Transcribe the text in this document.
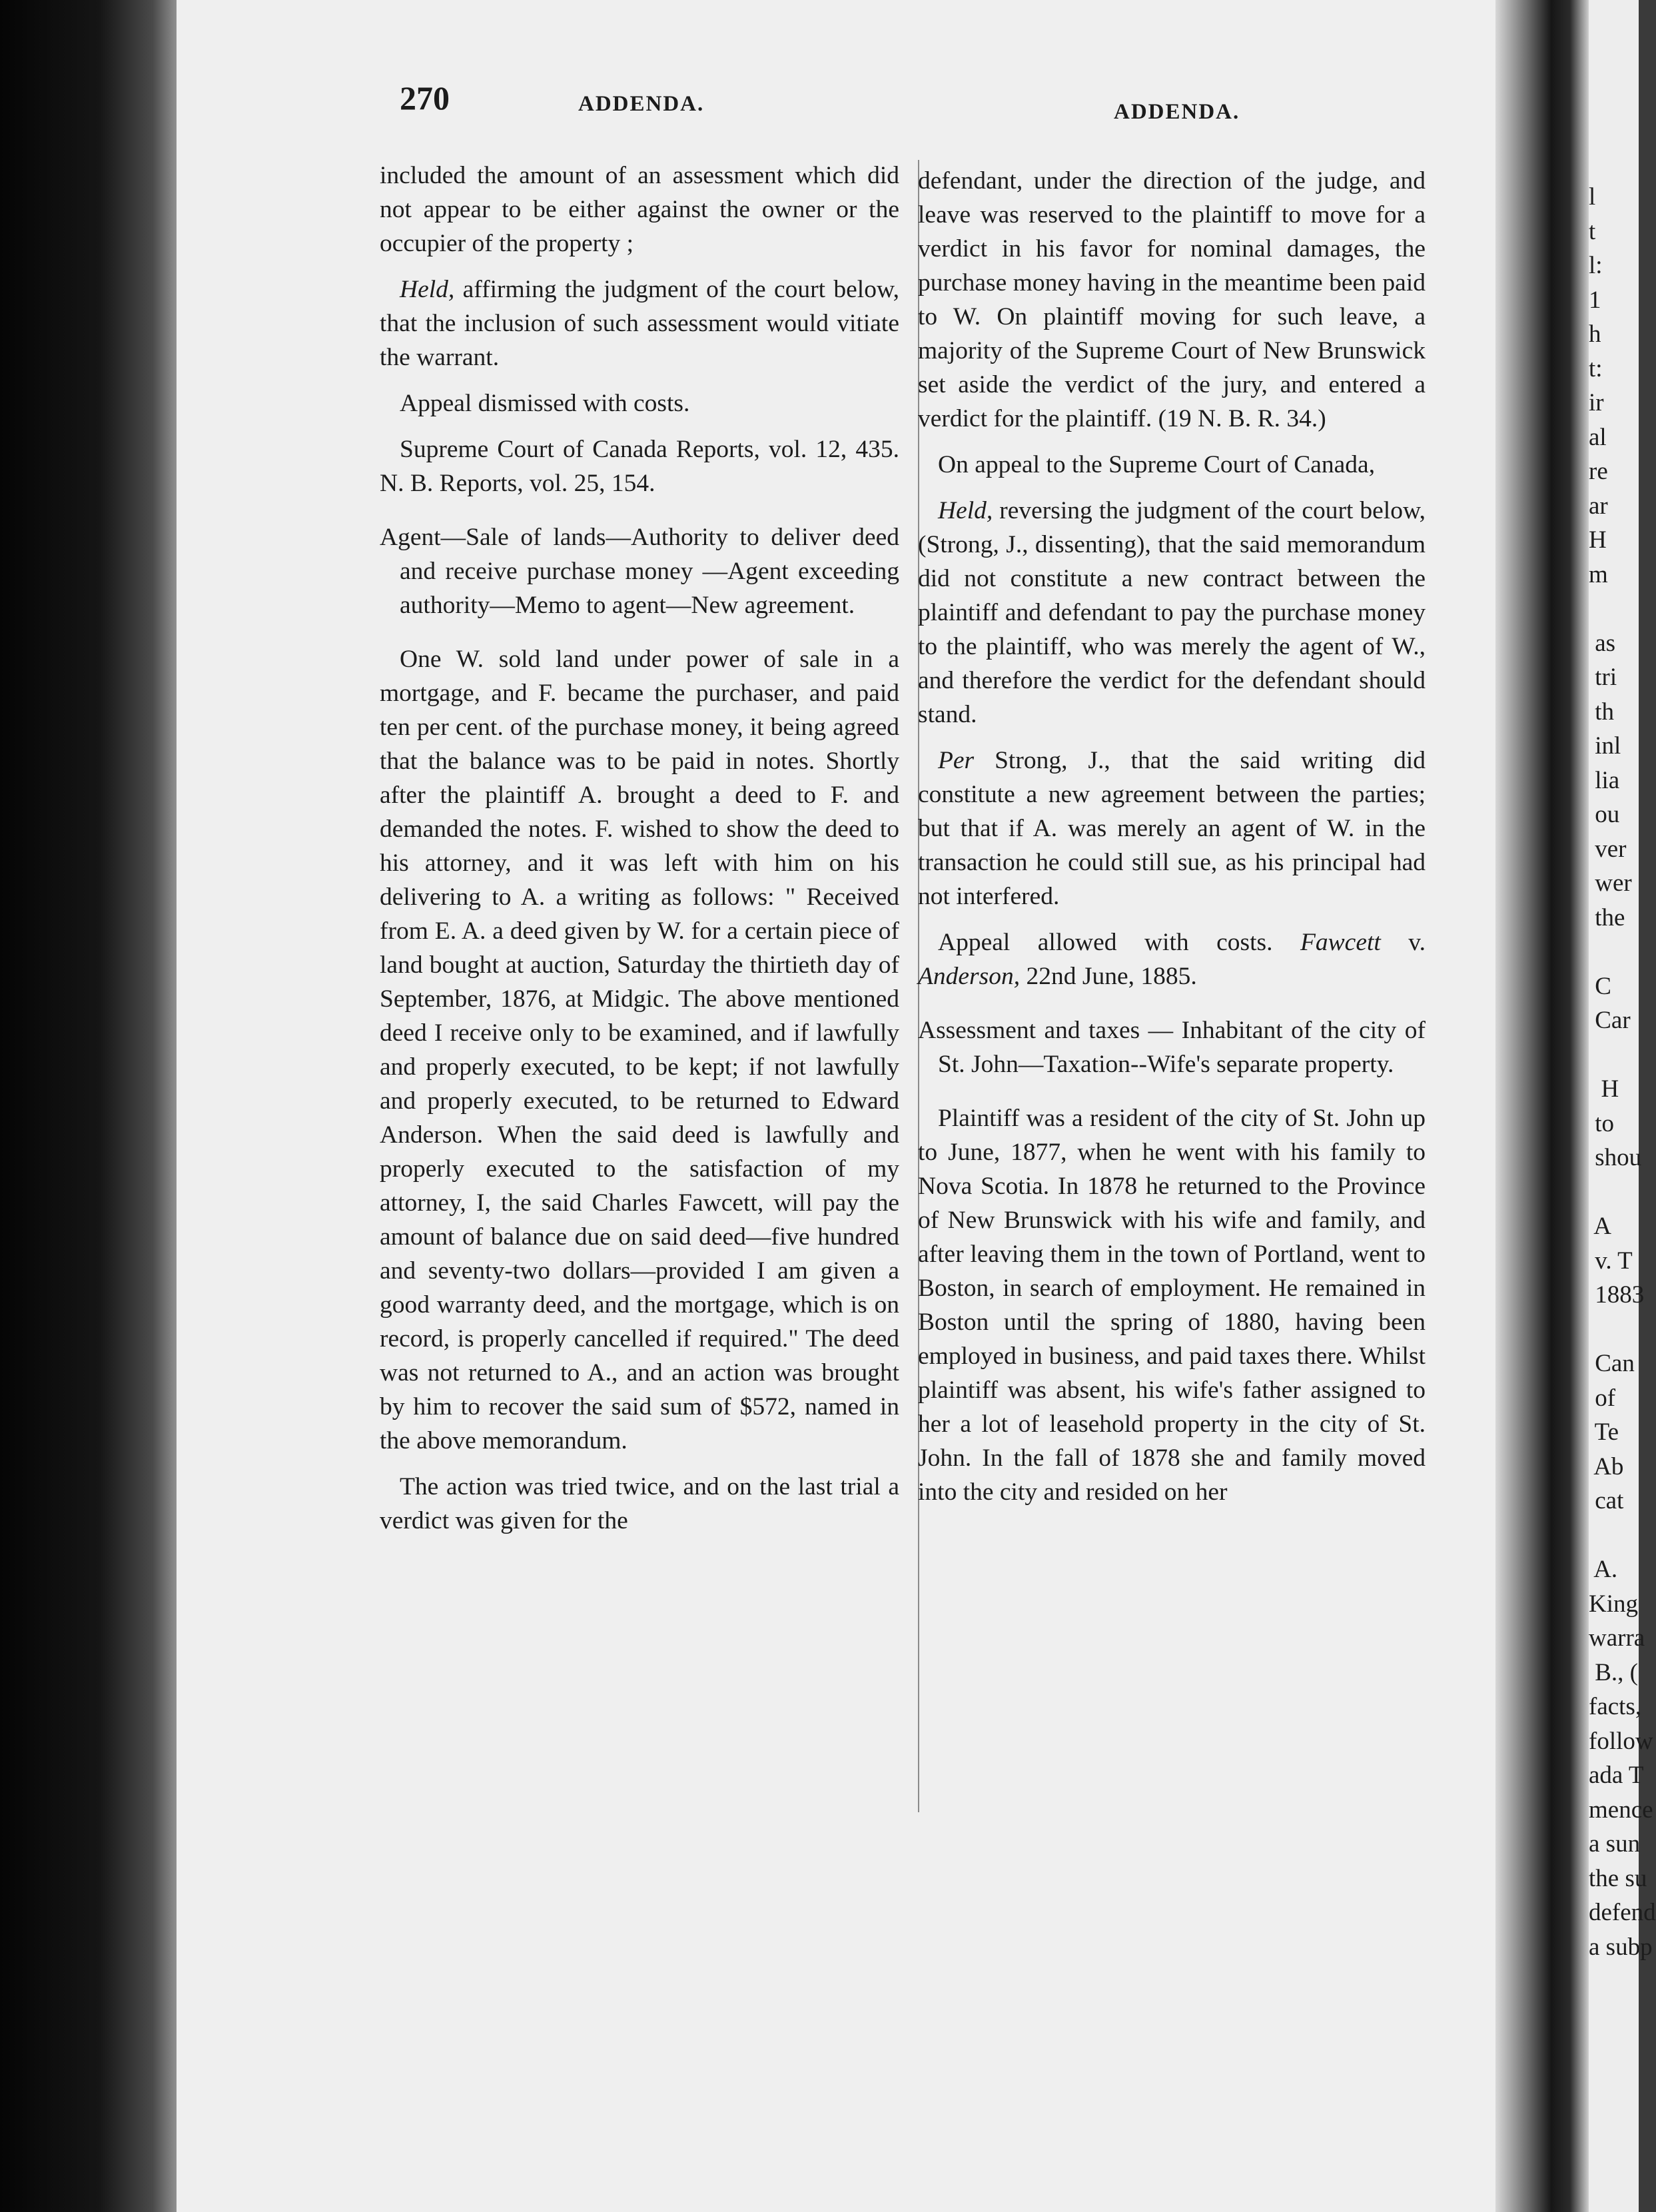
270	ADDENDA.	ADDENDA.

included the amount of an assessment which did not appear to be either against the owner or the occupier of the property ;

Held, affirming the judgment of the court below, that the inclusion of such assessment would vitiate the warrant.

Appeal dismissed with costs.

Supreme Court of Canada Reports, vol. 12, 435. N. B. Reports, vol. 25, 154.

Agent—Sale of lands—Authority to deliver deed and receive purchase money —Agent exceeding authority—Memo to agent—New agreement.

One W. sold land under power of sale in a mortgage, and F. became the purchaser, and paid ten per cent. of the purchase money, it being agreed that the balance was to be paid in notes. Shortly after the plaintiff A. brought a deed to F. and demanded the notes. F. wished to show the deed to his attorney, and it was left with him on his delivering to A. a writing as follows: " Received from E. A. a deed given by W. for a certain piece of land bought at auction, Saturday the thirtieth day of September, 1876, at Midgic. The above mentioned deed I receive only to be examined, and if lawfully and properly executed, to be kept; if not lawfully and properly executed, to be returned to Edward Anderson. When the said deed is lawfully and properly executed to the satisfaction of my attorney, I, the said Charles Fawcett, will pay the amount of balance due on said deed—five hundred and seventy-two dollars—provided I am given a good warranty deed, and the mortgage, which is on record, is properly cancelled if required." The deed was not returned to A., and an action was brought by him to recover the said sum of $572, named in the above memorandum.

The action was tried twice, and on the last trial a verdict was given for the

defendant, under the direction of the judge, and leave was reserved to the plaintiff to move for a verdict in his favor for nominal damages, the purchase money having in the meantime been paid to W. On plaintiff moving for such leave, a majority of the Supreme Court of New Brunswick set aside the verdict of the jury, and entered a verdict for the plaintiff. (19 N. B. R. 34.)

On appeal to the Supreme Court of Canada,

Held, reversing the judgment of the court below, (Strong, J., dissenting), that the said memorandum did not constitute a new contract between the plaintiff and defendant to pay the purchase money to the plaintiff, who was merely the agent of W., and therefore the verdict for the defendant should stand.

Per Strong, J., that the said writing did constitute a new agreement between the parties; but that if A. was merely an agent of W. in the transaction he could still sue, as his principal had not interfered.

Appeal allowed with costs. Fawcett v. Anderson, 22nd June, 1885.

Assessment and taxes — Inhabitant of the city of St. John—Taxation--Wife's separate property.

Plaintiff was a resident of the city of St. John up to June, 1877, when he went with his family to Nova Scotia. In 1878 he returned to the Province of New Brunswick with his wife and family, and after leaving them in the town of Portland, went to Boston, in search of employment. He remained in Boston until the spring of 1880, having been employed in business, and paid taxes there. Whilst plaintiff was absent, his wife's father assigned to her a lot of leasehold property in the city of St. John. In the fall of 1878 she and family moved into the city and resided on her

l
t
l:
1
h
t:
ir
al
re
ar
H
m

as
tri
th
inl
lia
ou
ver
wer
the

C
Car

H
to
shou

A
v. T
1883

Can
of
Te
Ab
cat

A.
King
warra
B., (
facts,
follow
ada T
mence
a sun
the su
defend
a subp
